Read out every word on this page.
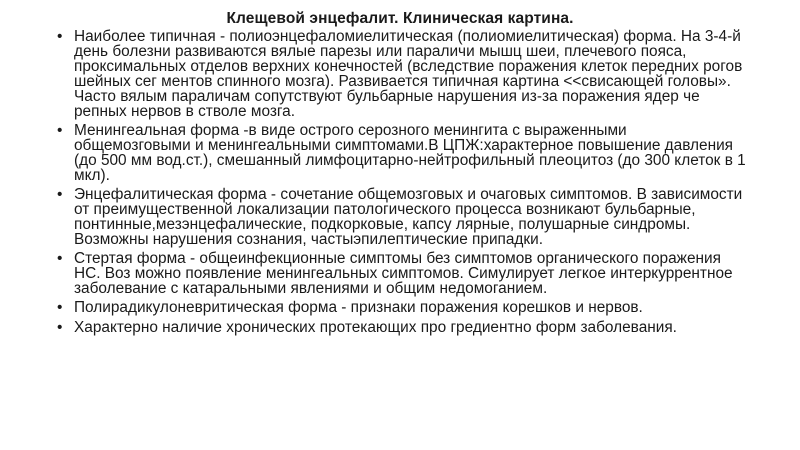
Клещевой энцефалит. Клиническая картина.
• Наиболее типичная - полиоэнцефаломиелитическая (полиомиелитическая) форма. На 3-4-й день болезни развиваются вялые парезы или параличи мышц шеи, плечевого пояса, проксимальных отделов верхних конечностей (вследствие поражения клеток передних рогов шейных сег ментов спинного мозга). Развивается типичная картина <<свисающей головы». Часто вялым параличам сопутствуют бульбарные нарушения из-за поражения ядер че репных нервов в стволе мозга.
• Менингеальная форма -в виде острого серозного менингита с выраженными общемозговыми и менингеальными симптомами.В ЦПЖ:характерное повышение давления (до 500 мм вод.ст.), смешанный лимфоцитарно-нейтрофильный плеоцитоз (до 300 клеток в 1 мкл).
• Энцефалитическая форма - сочетание общемозговых и очаговых симптомов. В зависимости от преимущественной локализации патологического процесса возникают бульбарные, понтинные,мезэнцефалические, подкорковые, капсу лярные, полушарные синдромы. Возможны нарушения сознания, частыэпилептические припадки.
• Стертая форма - общеинфекционные симптомы без симптомов органического поражения НС. Воз можно появление менингеальных симптомов. Симулирует легкое интеркуррентное заболевание с катаральными явлениями и общим недомоганием.
• Полирадикулоневритическая форма - признаки поражения корешков и нервов.
• Характерно наличие хронических протекающих про гредиентно форм заболевания.
